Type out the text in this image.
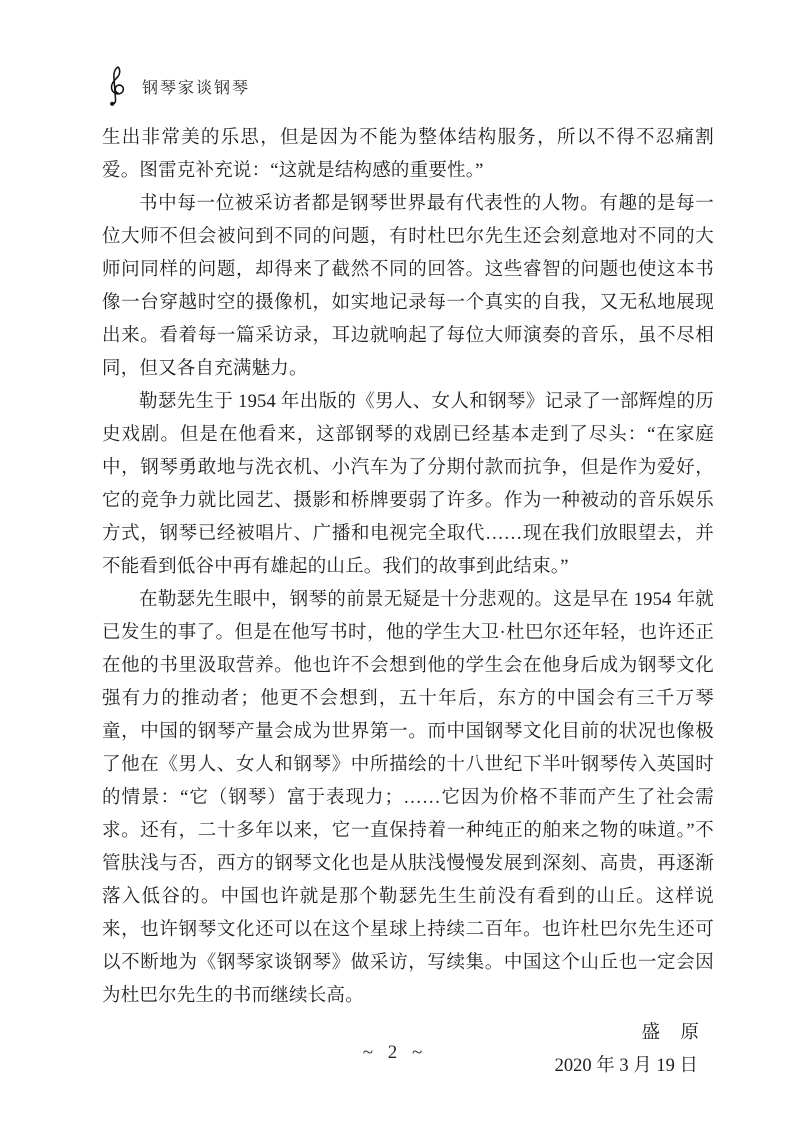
钢琴家谈钢琴

生出非常美的乐思，但是因为不能为整体结构服务，所以不得不忍痛割爱。图雷克补充说：“这就是结构感的重要性。”

书中每一位被采访者都是钢琴世界最有代表性的人物。有趣的是每一位大师不但会被问到不同的问题，有时杜巴尔先生还会刻意地对不同的大师问同样的问题，却得来了截然不同的回答。这些睿智的问题也使这本书像一台穿越时空的摄像机，如实地记录每一个真实的自我，又无私地展现出来。看着每一篇采访录，耳边就响起了每位大师演奏的音乐，虽不尽相同，但又各自充满魅力。

勒瑟先生于 1954 年出版的《男人、女人和钢琴》记录了一部辉煌的历史戏剧。但是在他看来，这部钢琴的戏剧已经基本走到了尽头：“在家庭中，钢琴勇敢地与洗衣机、小汽车为了分期付款而抗争，但是作为爱好，它的竞争力就比园艺、摄影和桥牌要弱了许多。作为一种被动的音乐娱乐方式，钢琴已经被唱片、广播和电视完全取代……现在我们放眼望去，并不能看到低谷中再有雄起的山丘。我们的故事到此结束。”

在勒瑟先生眼中，钢琴的前景无疑是十分悲观的。这是早在 1954 年就已发生的事了。但是在他写书时，他的学生大卫·杜巴尔还年轻，也许还正在他的书里汲取营养。他也许不会想到他的学生会在他身后成为钢琴文化强有力的推动者；他更不会想到，五十年后，东方的中国会有三千万琴童，中国的钢琴产量会成为世界第一。而中国钢琴文化目前的状况也像极了他在《男人、女人和钢琴》中所描绘的十八世纪下半叶钢琴传入英国时的情景：“它（钢琴）富于表现力；……它因为价格不菲而产生了社会需求。还有，二十多年以来，它一直保持着一种纯正的舶来之物的味道。”不管肤浅与否，西方的钢琴文化也是从肤浅慢慢发展到深刻、高贵，再逐渐落入低谷的。中国也许就是那个勒瑟先生生前没有看到的山丘。这样说来，也许钢琴文化还可以在这个星球上持续二百年。也许杜巴尔先生还可以不断地为《钢琴家谈钢琴》做采访，写续集。中国这个山丘也一定会因为杜巴尔先生的书而继续长高。

盛　原
2020 年 3 月 19 日
~ 2 ~
